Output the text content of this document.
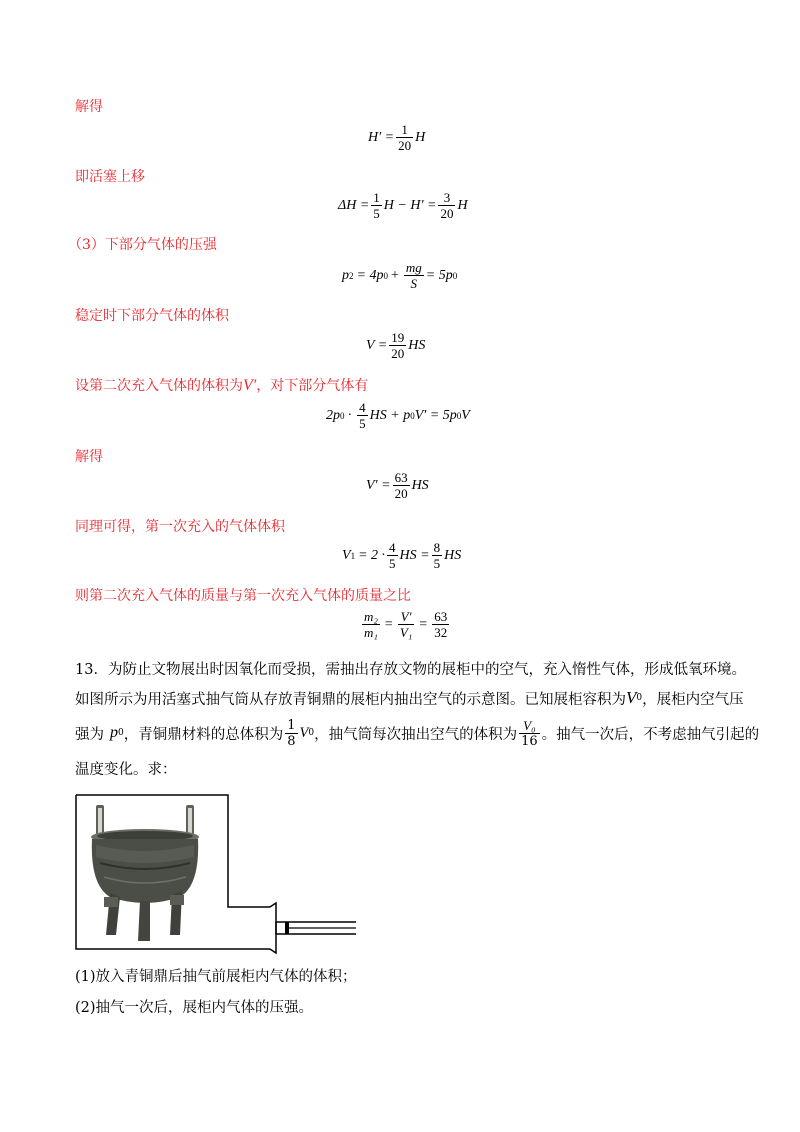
解得
$H' = \frac{1}{20}$ H
即活塞上移
$\Delta H = \frac{1}{5}$ $H - H' = \frac{3}{20}$ H
（3）下部分气体的压强
p 2 = 4p $0 + \frac{mg}{S} = 5p$ 0
稳定时下部分气体的体积
$V = \frac{19}{20}$ HS
设第二次充入气体的体积为V′，对下部分气体有
2p $0 \cdot \frac{4}{5}$ HS + p 0 V′ = 5p 0 V
解得
$V' = \frac{63}{20}$ HS
同理可得，第一次充入的气体体积
V $1 = 2 \cdot \frac{4}{5}$ HS = $\frac{8}{5}$ HS
则第二次充入气体的质量与第一次充入气体的质量之比
$\frac{\text{m₂}}{\text{m₁}} = \frac{V'}{\text{V₁}} = \frac{63}{32}$
13．为防止文物展出时因氧化而受损，需抽出存放文物的展柜中的空气，充入惰性气体，形成低氧环境。
如图所示为用活塞式抽气筒从存放青铜鼎的展柜内抽出空气的示意图。已知展柜容积为 V 0 ，展柜内空气压
强为 p 0 ，青铜鼎材料的总体积为 $\frac{1}{8}$ V 0 ，抽气筒每次抽出空气的体积为 $\frac{\text{V₀}}{16}$ 。抽气一次后，不考虑抽气引起的
温度变化。求：
(1)放入青铜鼎后抽气前展柜内气体的体积；
(2)抽气一次后，展柜内气体的压强。
